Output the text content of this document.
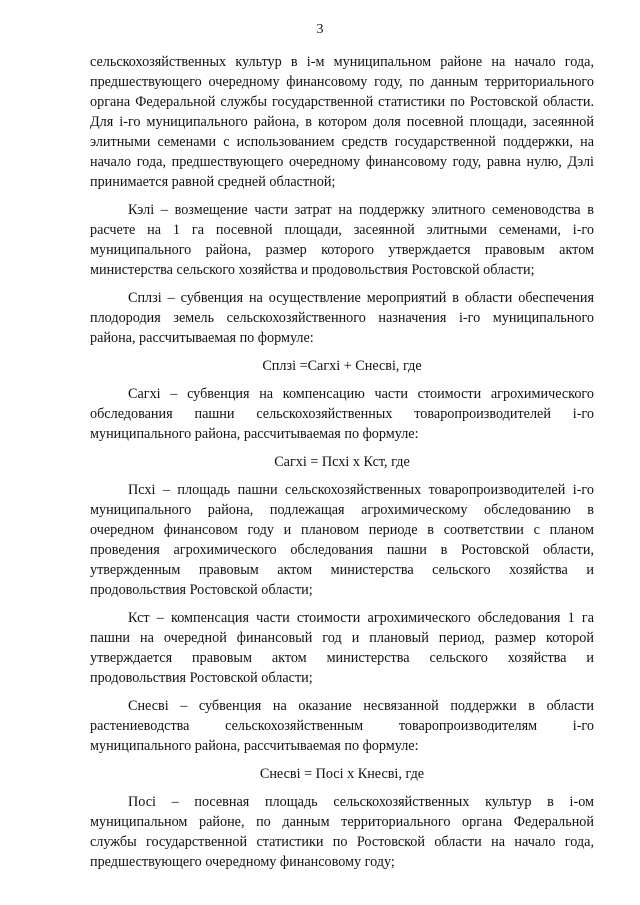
3

сельскохозяйственных культур в i-м муниципальном районе на начало года, предшествующего очередному финансовому году, по данным территориального органа Федеральной службы государственной статистики по Ростовской области. Для i-го муниципального района, в котором доля посевной площади, засеянной элитными семенами с использованием средств государственной поддержки, на начало года, предшествующего очередному финансовому году, равна нулю, Дэлi принимается равной средней областной;

Кэлi – возмещение части затрат на поддержку элитного семеноводства в расчете на 1 га посевной площади, засеянной элитными семенами, i-го муниципального района, размер которого утверждается правовым актом министерства сельского хозяйства и продовольствия Ростовской области;

Сплзi – субвенция на осуществление мероприятий в области обеспечения плодородия земель сельскохозяйственного назначения i-го муниципального района, рассчитываемая по формуле:

Сплзi =Сагхi + Снесвi, где

Сагхi – субвенция на компенсацию части стоимости агрохимического обследования пашни сельскохозяйственных товаропроизводителей i-го муниципального района, рассчитываемая по формуле:

Сагхi = Псхi х Кст, где

Псхi – площадь пашни сельскохозяйственных товаропроизводителей i-го муниципального района, подлежащая агрохимическому обследованию в очередном финансовом году и плановом периоде в соответствии с планом проведения агрохимического обследования пашни в Ростовской области, утвержденным правовым актом министерства сельского хозяйства и продовольствия Ростовской области;

Кст – компенсация части стоимости агрохимического обследования 1 га пашни на очередной финансовый год и плановый период, размер которой утверждается правовым актом министерства сельского хозяйства и продовольствия Ростовской области;

Снесвi – субвенция на оказание несвязанной поддержки в области растениеводства сельскохозяйственным товаропроизводителям i-го муниципального района, рассчитываемая по формуле:

Снесвi = Посi х Кнесвi, где

Посi – посевная площадь сельскохозяйственных культур в i-ом муниципальном районе, по данным территориального органа Федеральной службы государственной статистики по Ростовской области на начало года, предшествующего очередному финансовому году;
